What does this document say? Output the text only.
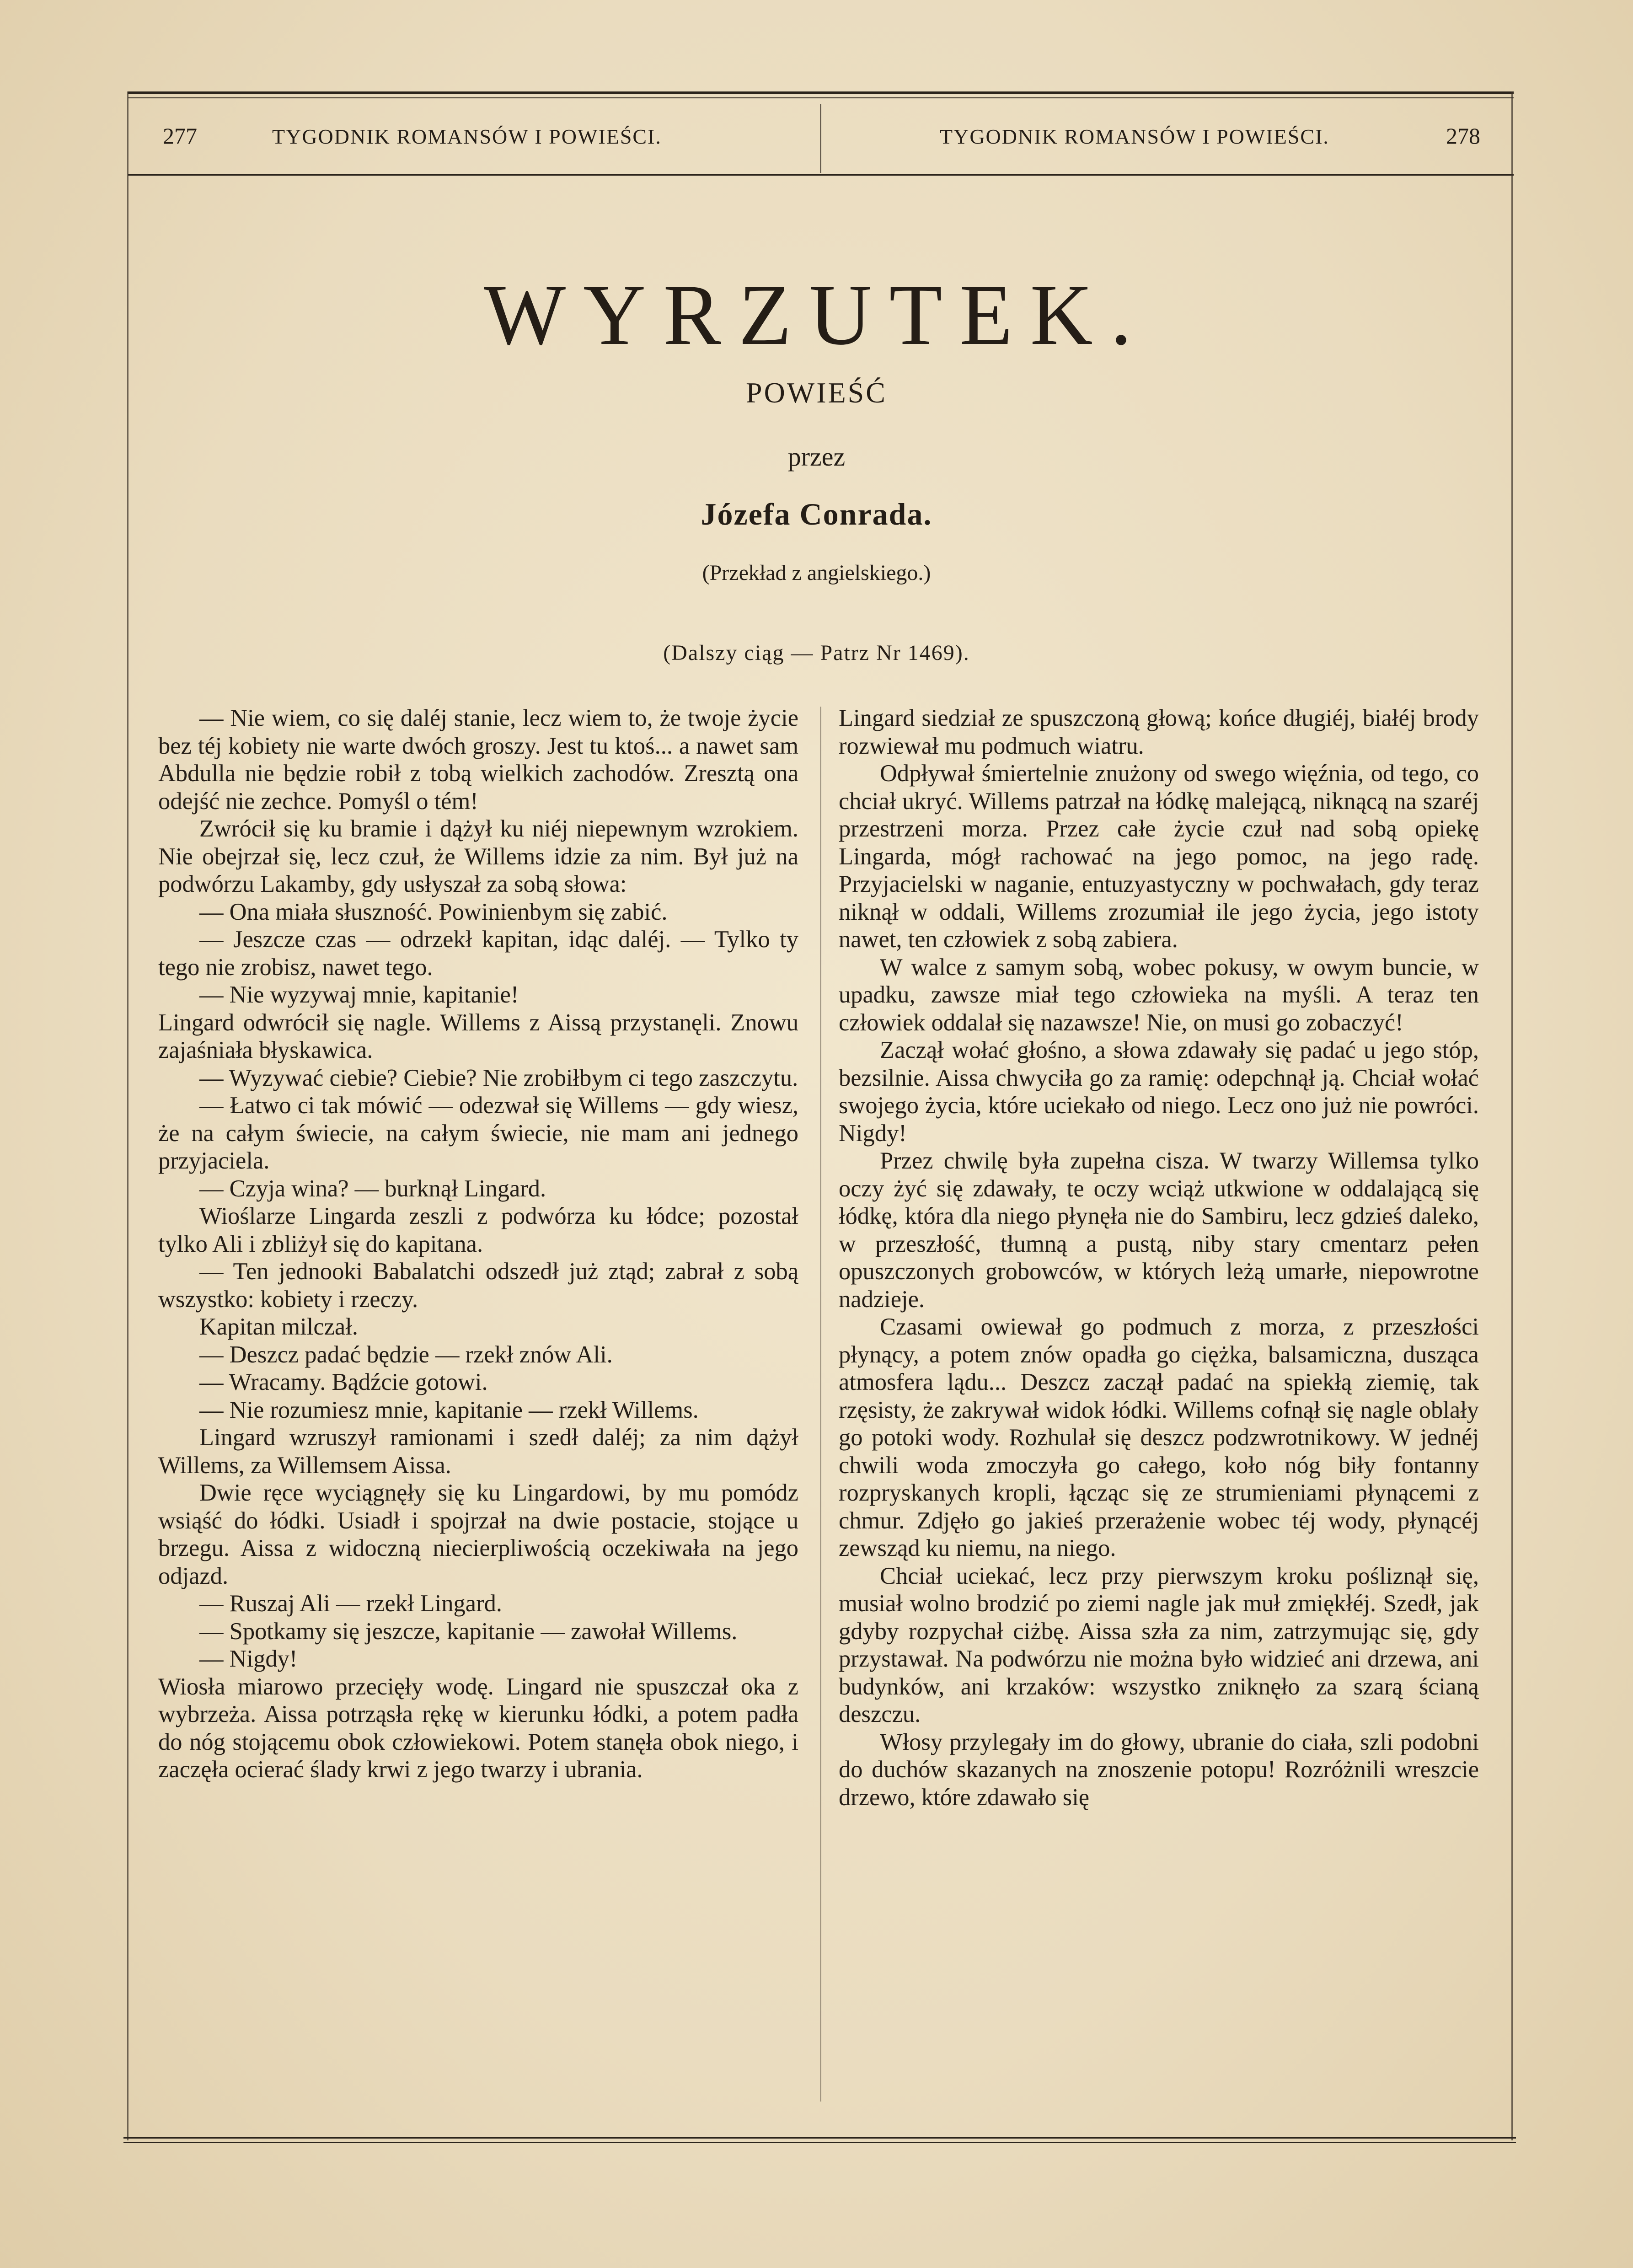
277	TYGODNIK ROMANSÓW I POWIEŚCI.	TYGODNIK ROMANSÓW I POWIEŚCI.	278
WYRZUTEK.
POWIEŚĆ
przez
Józefa Conrada.
(Przekład z angielskiego.)
(Dalszy ciąg — Patrz Nr 1469).

— Nie wiem, co się daléj stanie, lecz wiem to, że twoje życie bez téj kobiety nie warte dwóch groszy. Jest tu ktoś... a nawet sam Abdulla nie będzie robił z tobą wielkich zachodów. Zresztą ona odejść nie zechce. Pomyśl o tém!

Zwrócił się ku bramie i dążył ku niéj niepewnym wzrokiem. Nie obejrzał się, lecz czuł, że Willems idzie za nim. Był już na podwórzu Lakamby, gdy usłyszał za sobą słowa:

— Ona miała słuszność. Powinienbym się zabić.

— Jeszcze czas — odrzekł kapitan, idąc daléj. — Tylko ty tego nie zrobisz, nawet tego.

— Nie wyzywaj mnie, kapitanie!

Lingard odwrócił się nagle. Willems z Aissą przystanęli. Znowu zajaśniała błyskawica.

— Wyzywać ciebie? Ciebie? Nie zrobiłbym ci tego zaszczytu.

— Łatwo ci tak mówić — odezwał się Willems — gdy wiesz, że na całym świecie, na całym świecie, nie mam ani jednego przyjaciela.

— Czyja wina? — burknął Lingard.

Wioślarze Lingarda zeszli z podwórza ku łódce; pozostał tylko Ali i zbliżył się do kapitana.

— Ten jednooki Babalatchi odszedł już ztąd; zabrał z sobą wszystko: kobiety i rzeczy.

Kapitan milczał.

— Deszcz padać będzie — rzekł znów Ali.

— Wracamy. Bądźcie gotowi.

— Nie rozumiesz mnie, kapitanie — rzekł Willems.

Lingard wzruszył ramionami i szedł daléj; za nim dążył Willems, za Willemsem Aissa.

Dwie ręce wyciągnęły się ku Lingardowi, by mu pomódz wsiąść do łódki. Usiadł i spojrzał na dwie postacie, stojące u brzegu. Aissa z widoczną niecierpliwością oczekiwała na jego odjazd.

— Ruszaj Ali — rzekł Lingard.

— Spotkamy się jeszcze, kapitanie — zawołał Willems.

— Nigdy!

Wiosła miarowo przecięły wodę. Lingard nie spuszczał oka z wybrzeża. Aissa potrząsła rękę w kierunku łódki, a potem padła do nóg stojącemu obok człowiekowi. Potem stanęła obok niego, i zaczęła ocierać ślady krwi z jego twarzy i ubrania.

Lingard siedział ze spuszczoną głową; końce długiéj, białéj brody rozwiewał mu podmuch wiatru.

Odpływał śmiertelnie znużony od swego więźnia, od tego, co chciał ukryć. Willems patrzał na łódkę malejącą, niknącą na szaréj przestrzeni morza. Przez całe życie czuł nad sobą opiekę Lingarda, mógł rachować na jego pomoc, na jego radę. Przyjacielski w naganie, entuzyastyczny w pochwałach, gdy teraz niknął w oddali, Willems zrozumiał ile jego życia, jego istoty nawet, ten człowiek z sobą zabiera.

W walce z samym sobą, wobec pokusy, w owym buncie, w upadku, zawsze miał tego człowieka na myśli. A teraz ten człowiek oddalał się nazawsze! Nie, on musi go zobaczyć!

Zaczął wołać głośno, a słowa zdawały się padać u jego stóp, bezsilnie. Aissa chwyciła go za ramię: odepchnął ją. Chciał wołać swojego życia, które uciekało od niego. Lecz ono już nie powróci. Nigdy!

Przez chwilę była zupełna cisza. W twarzy Willemsa tylko oczy żyć się zdawały, te oczy wciąż utkwione w oddalającą się łódkę, która dla niego płynęła nie do Sambiru, lecz gdzieś daleko, w przeszłość, tłumną a pustą, niby stary cmentarz pełen opuszczonych grobowców, w których leżą umarłe, niepowrotne nadzieje.

Czasami owiewał go podmuch z morza, z przeszłości płynący, a potem znów opadła go ciężka, balsamiczna, dusząca atmosfera lądu... Deszcz zaczął padać na spiekłą ziemię, tak rzęsisty, że zakrywał widok łódki. Willems cofnął się nagle oblały go potoki wody. Rozhulał się deszcz podzwrotnikowy. W jednéj chwili woda zmoczyła go całego, koło nóg biły fontanny rozpryskanych kropli, łącząc się ze strumieniami płynącemi z chmur. Zdjęło go jakieś przerażenie wobec téj wody, płynącéj zewsząd ku niemu, na niego.

Chciał uciekać, lecz przy pierwszym kroku pośliznął się, musiał wolno brodzić po ziemi nagle jak muł zmiękłéj. Szedł, jak gdyby rozpychał ciżbę. Aissa szła za nim, zatrzymując się, gdy przystawał. Na podwórzu nie można było widzieć ani drzewa, ani budynków, ani krzaków: wszystko zniknęło za szarą ścianą deszczu.

Włosy przylegały im do głowy, ubranie do ciała, szli podobni do duchów skazanych na znoszenie potopu! Rozróżnili wreszcie drzewo, które zdawało się
